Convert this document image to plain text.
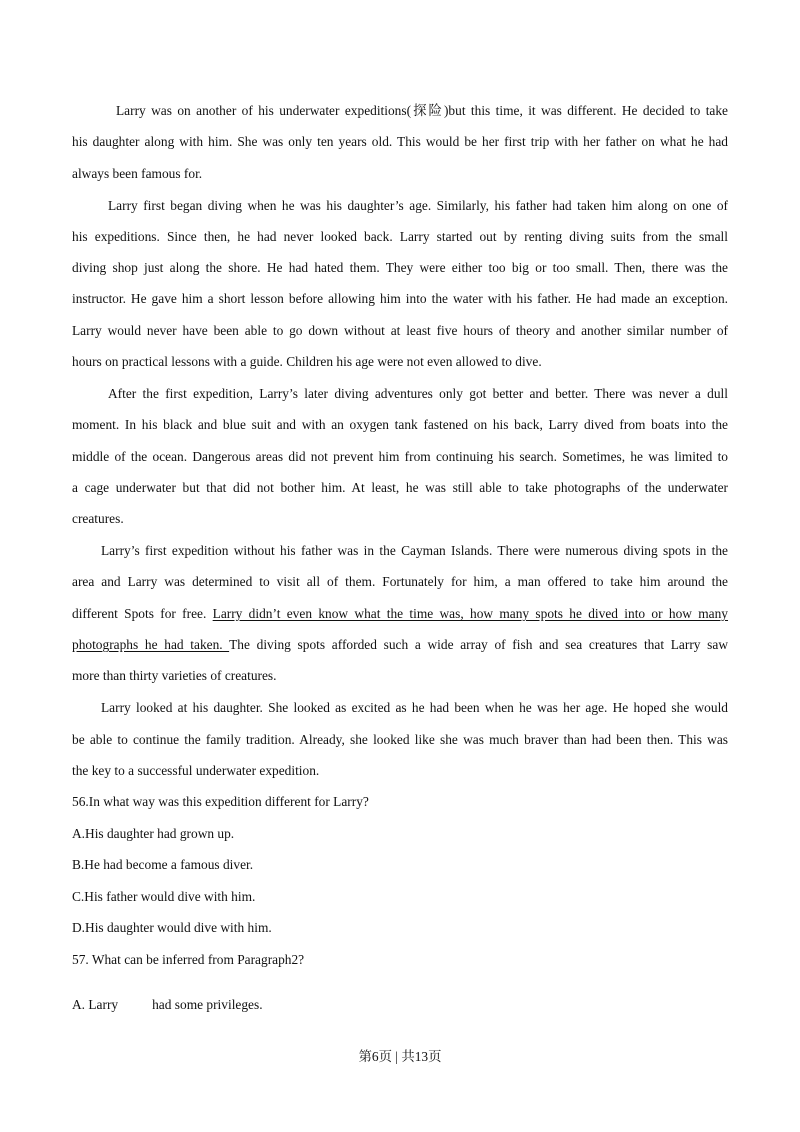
Larry was on another of his underwater expeditions(探险)but this time, it was different. He decided to take
his daughter along with him. She was only ten years old. This would be her first trip with her father on what he had
always been famous for.
Larry first began diving when he was his daughter’s age. Similarly, his father had taken him along on one of
his expeditions. Since then, he had never looked back. Larry started out by renting diving suits from the small
diving shop just along the shore. He had hated them. They were either too big or too small. Then, there was the
instructor. He gave him a short lesson before allowing him into the water with his father. He had made an exception.
Larry would never have been able to go down without at least five hours of theory and another similar number of
hours on practical lessons with a guide. Children his age were not even allowed to dive.
After the first expedition, Larry’s later diving adventures only got better and better. There was never a dull
moment. In his black and blue suit and with an oxygen tank fastened on his back, Larry dived from boats into the
middle of the ocean. Dangerous areas did not prevent him from continuing his search. Sometimes, he was limited to
a cage underwater but that did not bother him. At least, he was still able to take photographs of the underwater
creatures.
Larry’s first expedition without his father was in the Cayman Islands. There were numerous diving spots in the
area and Larry was determined to visit all of them. Fortunately for him, a man offered to take him around the
different Spots for free. Larry didn’t even know what the time was, how many spots he dived into or how many
photographs he had taken. The diving spots afforded such a wide array of fish and sea creatures that Larry saw
more than thirty varieties of creatures.
Larry looked at his daughter. She looked as excited as he had been when he was her age. He hoped she would
be able to continue the family tradition. Already, she looked like she was much braver than had been then. This was
the key to a successful underwater expedition.
56.In what way was this expedition different for Larry?
A.His daughter had grown up.
B.He had become a famous diver.
C.His father would dive with him.
D.His daughter would dive with him.
57. What can be inferred from Paragraph2?
A. Larry	had some privileges.
第6页 | 共13页
